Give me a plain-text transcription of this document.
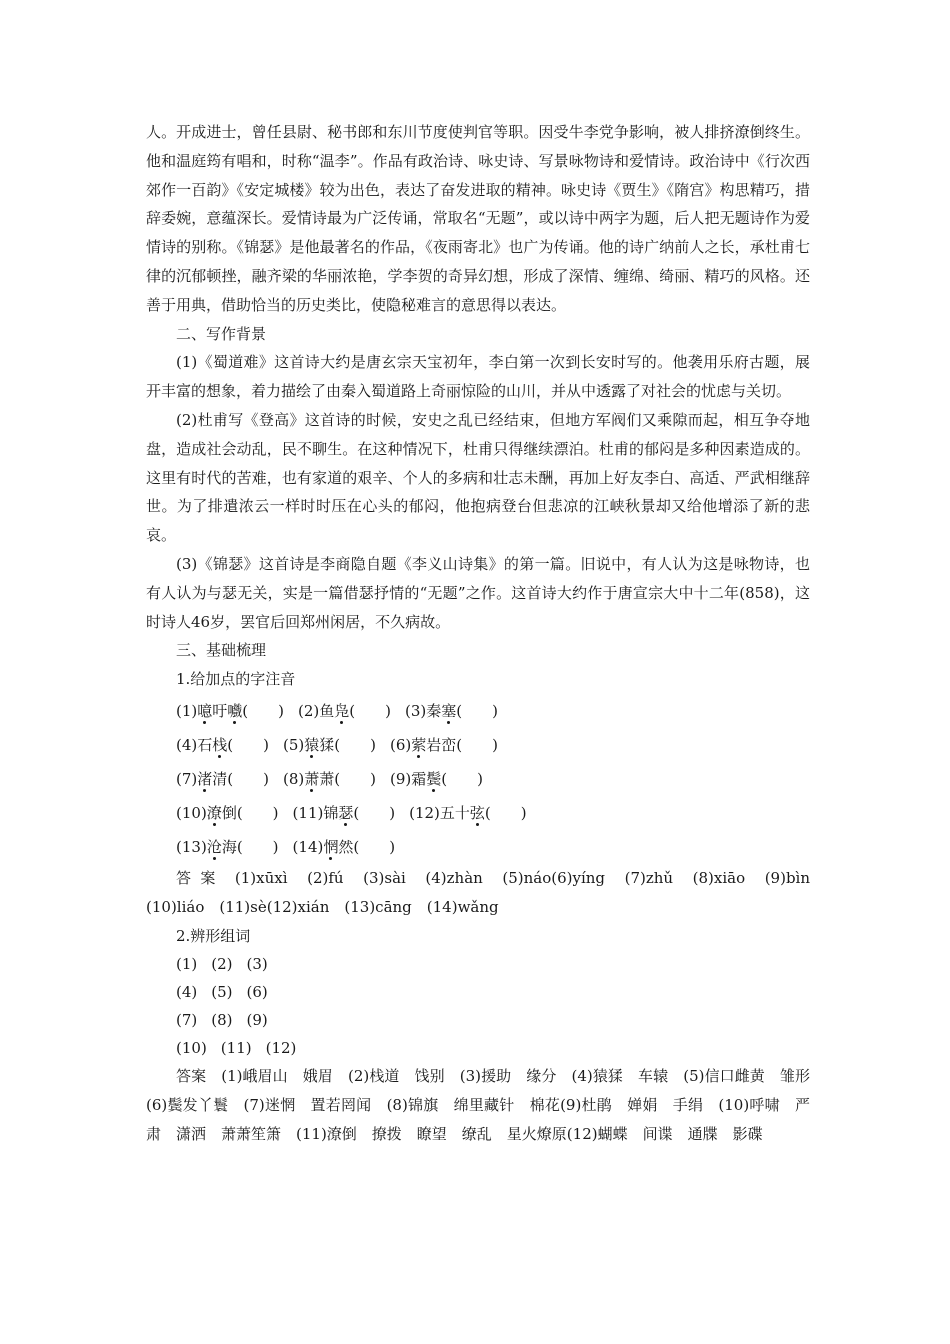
人。开成进士，曾任县尉、秘书郎和东川节度使判官等职。因受牛李党争影响，被人排挤潦倒终生。他和温庭筠有唱和，时称“温李”。作品有政治诗、咏史诗、写景咏物诗和爱情诗。政治诗中《行次西郊作一百韵》《安定城楼》较为出色，表达了奋发进取的精神。咏史诗《贾生》《隋宫》构思精巧，措辞委婉，意蕴深长。爱情诗最为广泛传诵，常取名“无题”，或以诗中两字为题，后人把无题诗作为爱情诗的别称。《锦瑟》是他最著名的作品，《夜雨寄北》也广为传诵。他的诗广纳前人之长，承杜甫七律的沉郁顿挫，融齐梁的华丽浓艳，学李贺的奇异幻想，形成了深情、缠绵、绮丽、精巧的风格。还善于用典，借助恰当的历史类比，使隐秘难言的意思得以表达。

二、写作背景

(1)《蜀道难》这首诗大约是唐玄宗天宝初年，李白第一次到长安时写的。他袭用乐府古题，展开丰富的想象，着力描绘了由秦入蜀道路上奇丽惊险的山川，并从中透露了对社会的忧虑与关切。

(2)杜甫写《登高》这首诗的时候，安史之乱已经结束，但地方军阀们又乘隙而起，相互争夺地盘，造成社会动乱，民不聊生。在这种情况下，杜甫只得继续漂泊。杜甫的郁闷是多种因素造成的。这里有时代的苦难，也有家道的艰辛、个人的多病和壮志未酬，再加上好友李白、高适、严武相继辞世。为了排遣浓云一样时时压在心头的郁闷，他抱病登台但悲凉的江峡秋景却又给他增添了新的悲哀。

(3)《锦瑟》这首诗是李商隐自题《李义山诗集》的第一篇。旧说中，有人认为这是咏物诗，也有人认为与瑟无关，实是一篇借瑟抒情的“无题”之作。这首诗大约作于唐宣宗大中十二年(858)，这时诗人46岁，罢官后回郑州闲居，不久病故。

三、基础梳理

1.给加点的字注音

(1)噫吁嚱(　　) (2)鱼凫(　　) (3)秦塞(　　)

(4)石栈(　　) (5)猿猱(　　) (6)萦岩峦(　　)

(7)渚清(　　) (8)萧萧(　　) (9)霜鬓(　　)

(10)潦倒(　　) (11)锦瑟(　　) (12)五十弦(　　)

(13)沧海(　　) (14)惘然(　　)

答 案　(1)xūxì　(2)fú　(3)sài　(4)zhàn　(5)náo(6)yíng　(7)zhǔ　(8)xiāo　(9)bìn　(10)liáo　(11)sè(12)xián　(13)cāng　(14)wǎng

2.辨形组词

(1) (2) (3)

(4) (5) (6)

(7) (8) (9)

(10) (11) (12)

答案　(1)峨眉山　娥眉　(2)栈道　饯别　(3)援助　缘分　(4)猿猱　车辕　(5)信口雌黄　雏形　(6)鬓发丫鬟　(7)迷惘　置若罔闻　(8)锦旗　绵里藏针　棉花(9)杜鹃　婵娟　手绢　(10)呼啸　严肃　潇洒　萧萧笙箫　(11)潦倒　撩拨　瞭望　缭乱　星火燎原(12)蝴蝶　间谍　通牒　影碟
